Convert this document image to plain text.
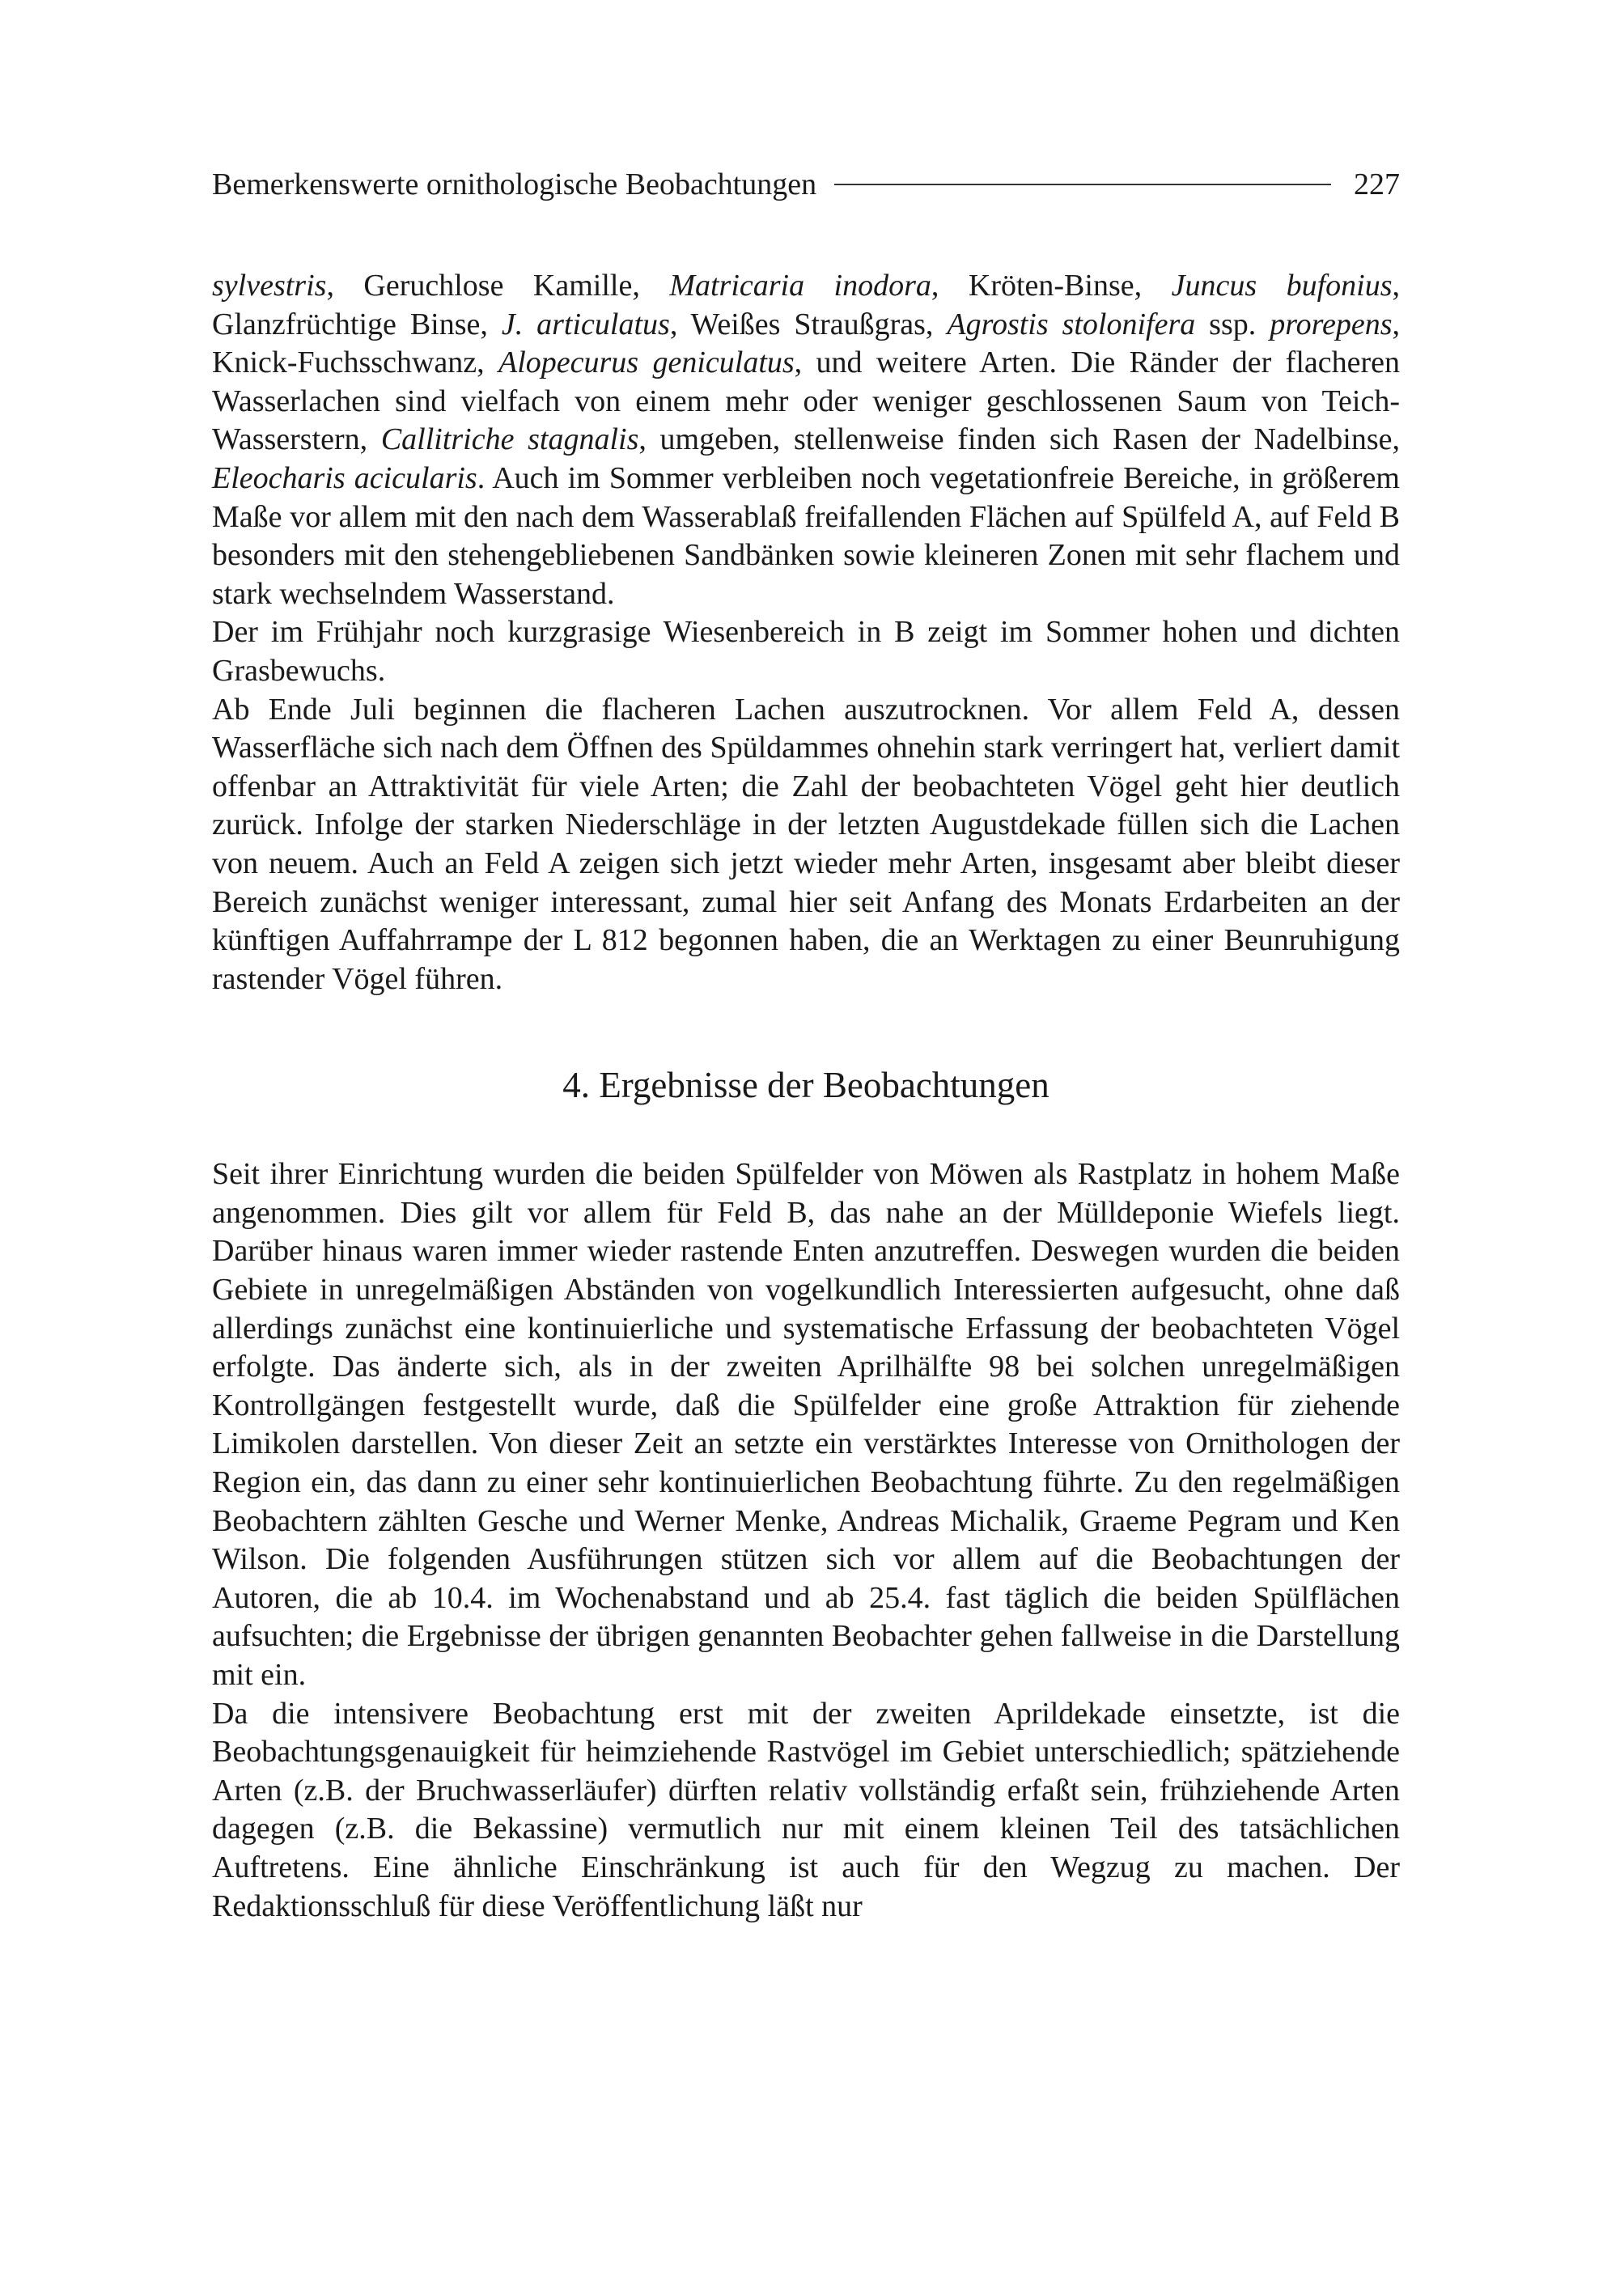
Bemerkenswerte ornithologische Beobachtungen	227

sylvestris, Geruchlose Kamille, Matricaria inodora, Kröten-Binse, Juncus bufonius, Glanzfrüchtige Binse, J. articulatus, Weißes Straußgras, Agrostis stolonifera ssp. prorepens, Knick-Fuchsschwanz, Alopecurus geniculatus, und weitere Arten. Die Ränder der flacheren Wasserlachen sind vielfach von einem mehr oder weniger geschlossenen Saum von Teich-Wasserstern, Callitriche stagnalis, umgeben, stellenweise finden sich Rasen der Nadelbinse, Eleocharis acicularis. Auch im Sommer verbleiben noch vegetationfreie Bereiche, in größerem Maße vor allem mit den nach dem Wasserablaß freifallenden Flächen auf Spülfeld A, auf Feld B besonders mit den stehengebliebenen Sandbänken sowie kleineren Zonen mit sehr flachem und stark wechselndem Wasserstand.

Der im Frühjahr noch kurzgrasige Wiesenbereich in B zeigt im Sommer hohen und dichten Grasbewuchs.

Ab Ende Juli beginnen die flacheren Lachen auszutrocknen. Vor allem Feld A, dessen Wasserfläche sich nach dem Öffnen des Spüldammes ohnehin stark verringert hat, verliert damit offenbar an Attraktivität für viele Arten; die Zahl der beobachteten Vögel geht hier deutlich zurück. Infolge der starken Niederschläge in der letzten Augustdekade füllen sich die Lachen von neuem. Auch an Feld A zeigen sich jetzt wieder mehr Arten, insgesamt aber bleibt dieser Bereich zunächst weniger interessant, zumal hier seit Anfang des Monats Erdarbeiten an der künftigen Auffahrrampe der L 812 begonnen haben, die an Werktagen zu einer Beunruhigung rastender Vögel führen.

4. Ergebnisse der Beobachtungen

Seit ihrer Einrichtung wurden die beiden Spülfelder von Möwen als Rastplatz in hohem Maße angenommen. Dies gilt vor allem für Feld B, das nahe an der Mülldeponie Wiefels liegt. Darüber hinaus waren immer wieder rastende Enten anzutreffen. Deswegen wurden die beiden Gebiete in unregelmäßigen Abständen von vogelkundlich Interessierten aufgesucht, ohne daß allerdings zunächst eine kontinuierliche und systematische Erfassung der beobachteten Vögel erfolgte. Das änderte sich, als in der zweiten Aprilhälfte 98 bei solchen unregelmäßigen Kontrollgängen festgestellt wurde, daß die Spülfelder eine große Attraktion für ziehende Limikolen darstellen. Von dieser Zeit an setzte ein verstärktes Interesse von Ornithologen der Region ein, das dann zu einer sehr kontinuierlichen Beobachtung führte. Zu den regelmäßigen Beobachtern zählten Gesche und Werner Menke, Andreas Michalik, Graeme Pegram und Ken Wilson. Die folgenden Ausführungen stützen sich vor allem auf die Beobachtungen der Autoren, die ab 10.4. im Wochenabstand und ab 25.4. fast täglich die beiden Spülflächen aufsuchten; die Ergebnisse der übrigen genannten Beobachter gehen fallweise in die Darstellung mit ein.

Da die intensivere Beobachtung erst mit der zweiten Aprildekade einsetzte, ist die Beobachtungsgenauigkeit für heimziehende Rastvögel im Gebiet unterschiedlich; spätziehende Arten (z.B. der Bruchwasserläufer) dürften relativ vollständig erfaßt sein, frühziehende Arten dagegen (z.B. die Bekassine) vermutlich nur mit einem kleinen Teil des tatsächlichen Auftretens. Eine ähnliche Einschränkung ist auch für den Wegzug zu machen. Der Redaktionsschluß für diese Veröffentlichung läßt nur
